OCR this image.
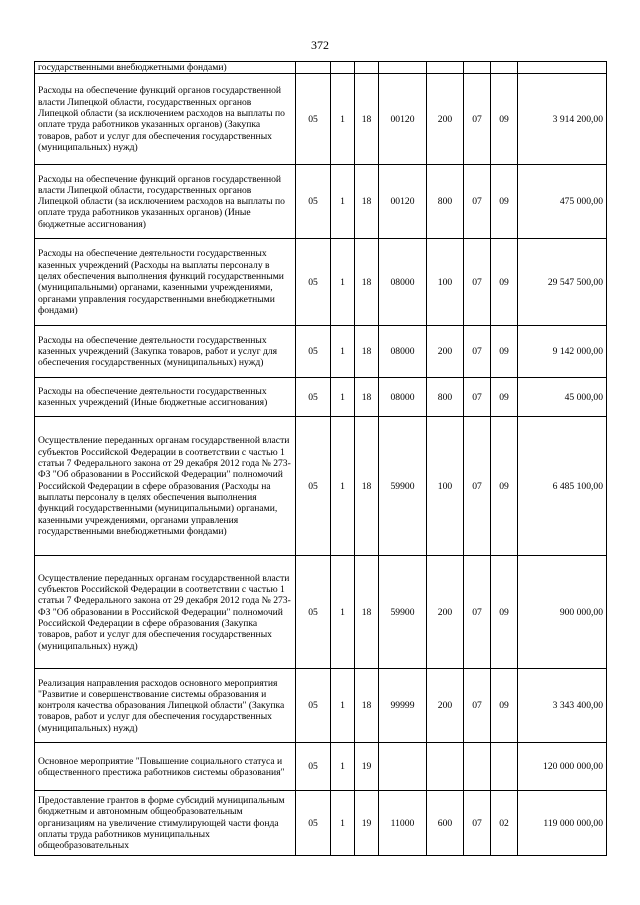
372
государственными внебюджетными фондами)								
Расходы на обеспечение функций органов государственной власти Липецкой области, государственных органов Липецкой области (за исключением расходов на выплаты по оплате труда работников указанных органов) (Закупка товаров, работ и услуг для обеспечения государственных (муниципальных) нужд)	05	1	18	00120	200	07	09	3 914 200,00
Расходы на обеспечение функций органов государственной власти Липецкой области, государственных органов Липецкой области (за исключением расходов на выплаты по оплате труда работников указанных органов) (Иные бюджетные ассигнования)	05	1	18	00120	800	07	09	475 000,00
Расходы на обеспечение деятельности государственных казенных учреждений (Расходы на выплаты персоналу в целях обеспечения выполнения функций государственными (муниципальными) органами, казенными учреждениями, органами управления государственными внебюджетными фондами)	05	1	18	08000	100	07	09	29 547 500,00
Расходы на обеспечение деятельности государственных казенных учреждений (Закупка товаров, работ и услуг для обеспечения государственных (муниципальных) нужд)	05	1	18	08000	200	07	09	9 142 000,00
Расходы на обеспечение деятельности государственных казенных учреждений (Иные бюджетные ассигнования)	05	1	18	08000	800	07	09	45 000,00
Осуществление переданных органам государственной власти субъектов Российской Федерации в соответствии с частью 1 статьи 7 Федерального закона от 29 декабря 2012 года № 273-ФЗ "Об образовании в Российской Федерации" полномочий Российской Федерации в сфере образования (Расходы на выплаты персоналу в целях обеспечения выполнения функций государственными (муниципальными) органами, казенными учреждениями, органами управления государственными внебюджетными фондами)	05	1	18	59900	100	07	09	6 485 100,00
Осуществление переданных органам государственной власти субъектов Российской Федерации в соответствии с частью 1 статьи 7 Федерального закона от 29 декабря 2012 года № 273-ФЗ "Об образовании в Российской Федерации" полномочий Российской Федерации в сфере образования (Закупка товаров, работ и услуг для обеспечения государственных (муниципальных) нужд)	05	1	18	59900	200	07	09	900 000,00
Реализация направления расходов основного мероприятия "Развитие и совершенствование системы образования и контроля качества образования Липецкой области" (Закупка товаров, работ и услуг для обеспечения государственных (муниципальных) нужд)	05	1	18	99999	200	07	09	3 343 400,00
Основное мероприятие "Повышение социального статуса и общественного престижа работников системы образования"	05	1	19					120 000 000,00
Предоставление грантов в форме субсидий муниципальным бюджетным и автономным общеобразовательным организациям на увеличение стимулирующей части фонда оплаты труда работников муниципальных общеобразовательных	05	1	19	11000	600	07	02	119 000 000,00
